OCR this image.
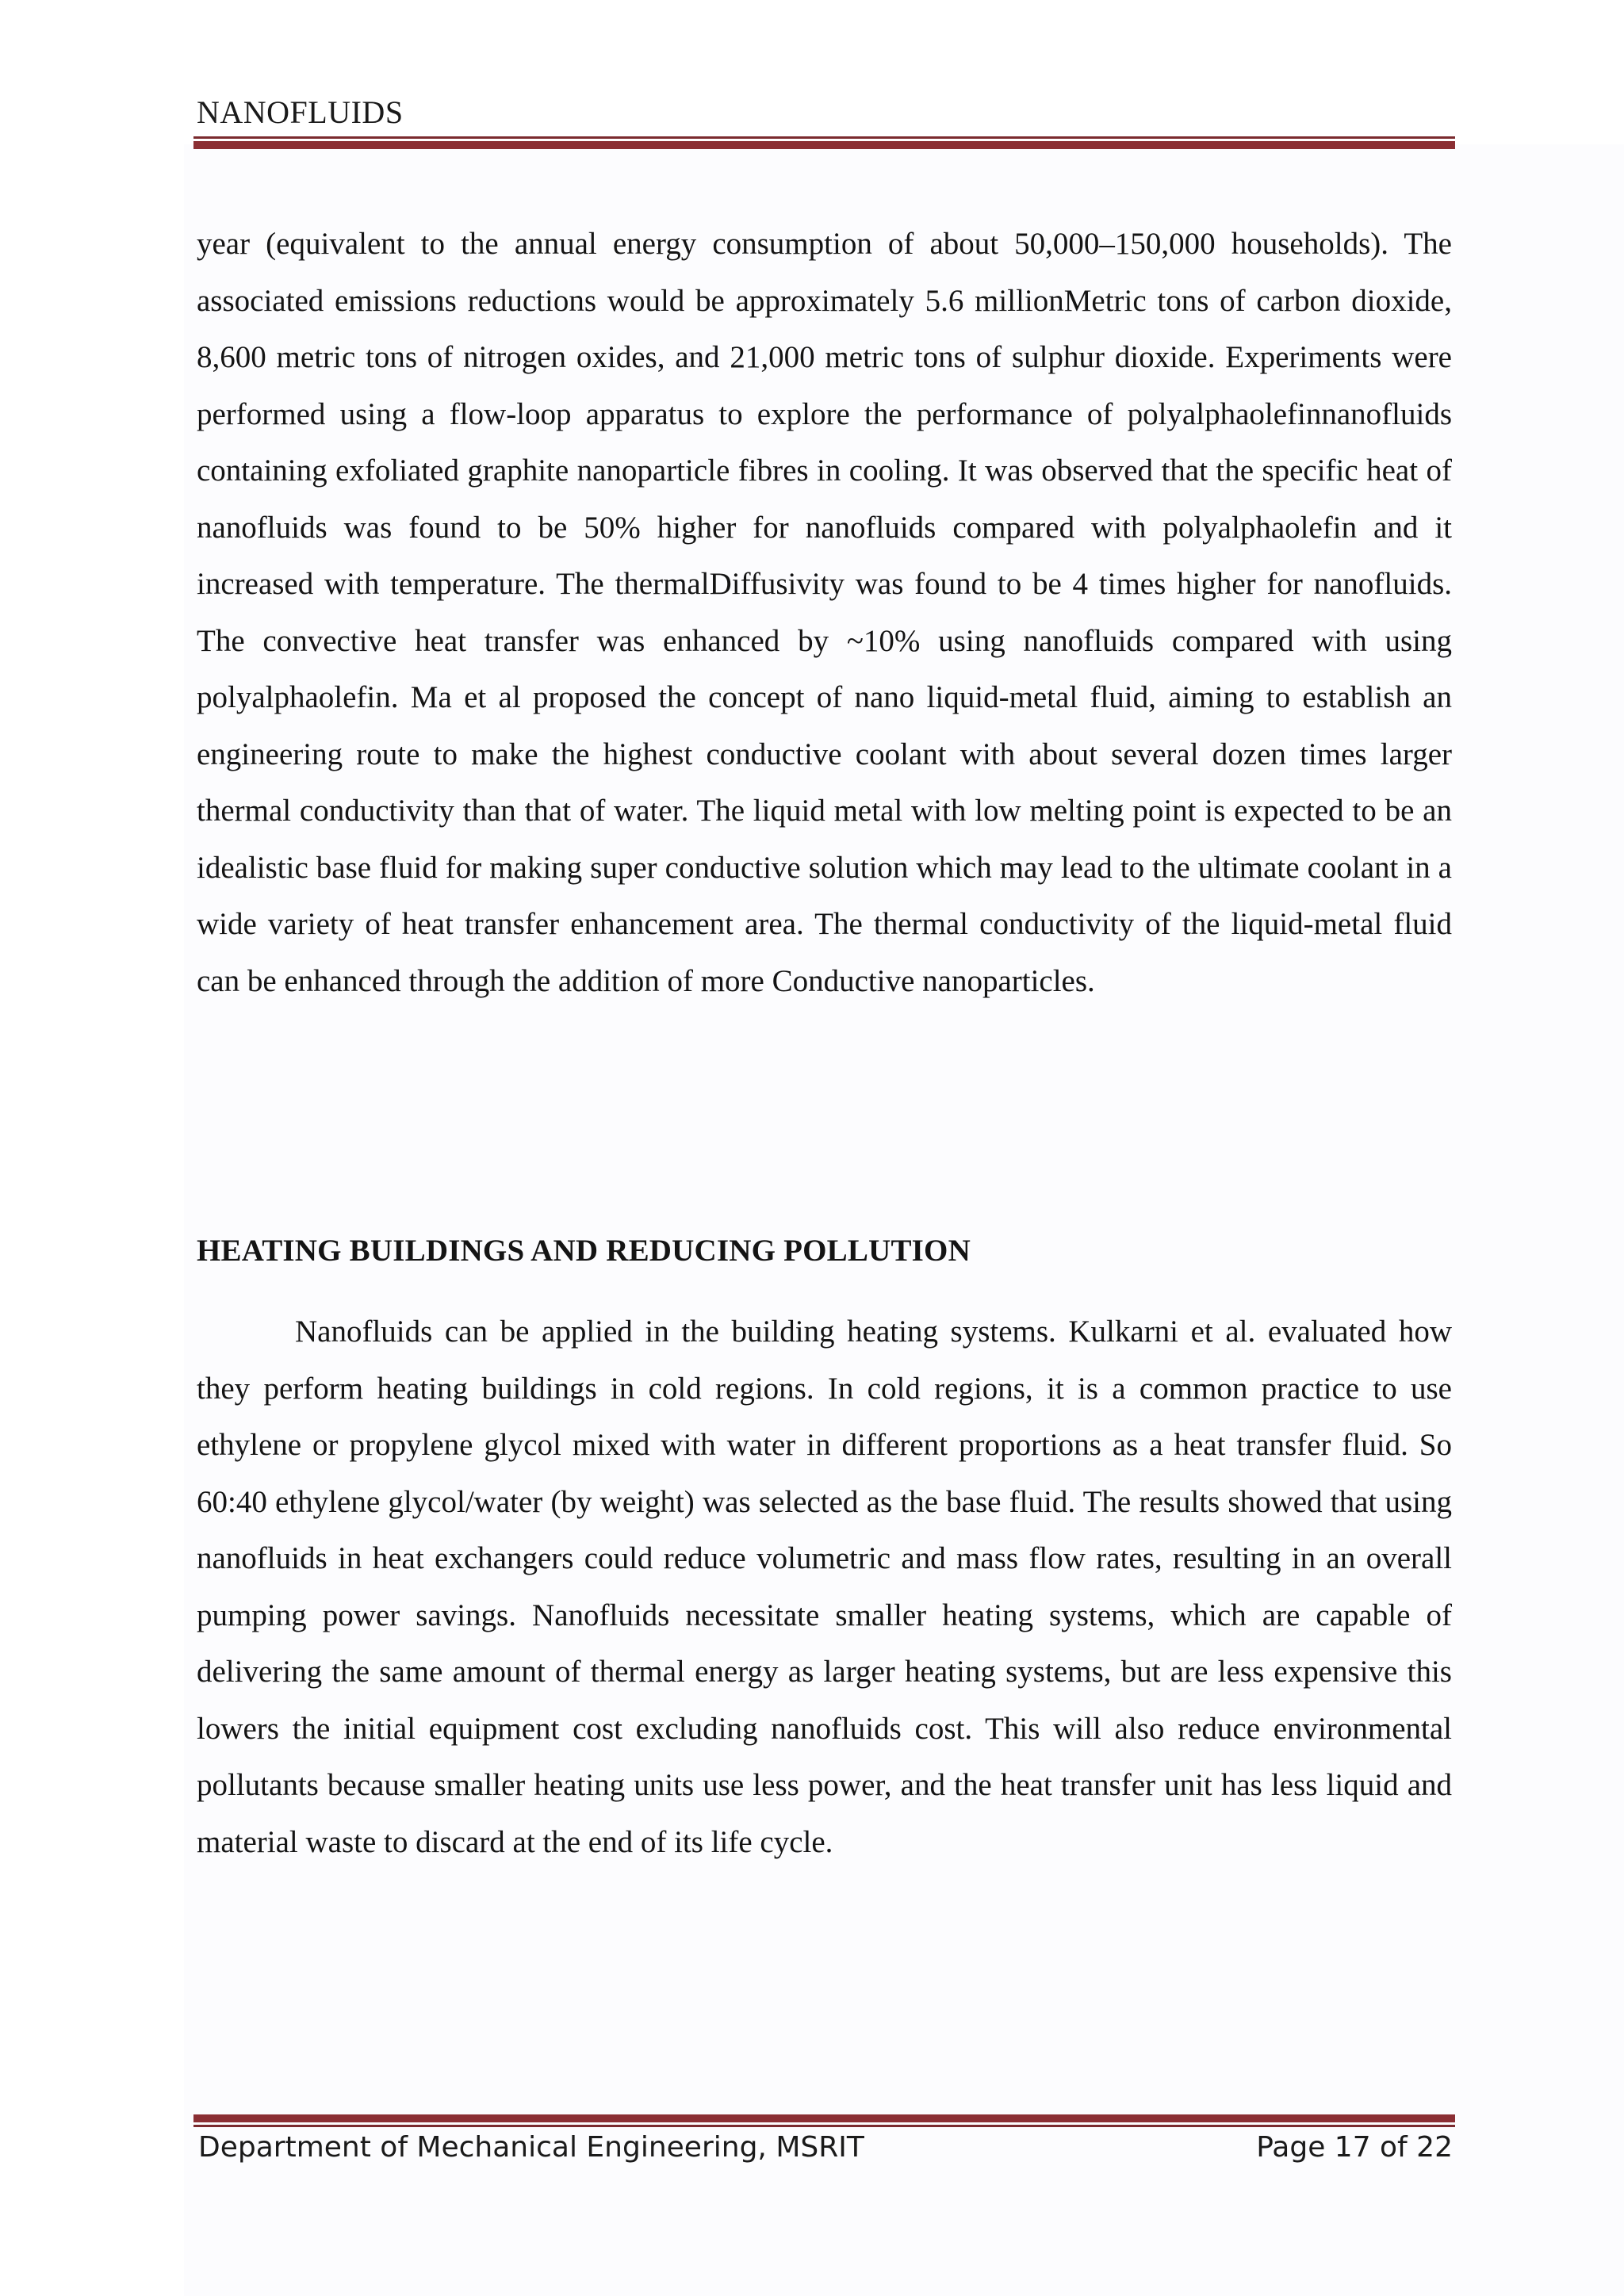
NANOFLUIDS

year (equivalent to the annual energy consumption of about 50,000–150,000 households). The associated emissions reductions would be approximately 5.6 millionMetric tons of carbon dioxide, 8,600 metric tons of nitrogen oxides, and 21,000 metric tons of sulphur dioxide. Experiments were performed using a flow-loop apparatus to explore the performance of polyalphaolefinnanofluids containing exfoliated graphite nanoparticle fibres in cooling. It was observed that the specific heat of nanofluids was found to be 50% higher for nanofluids compared with polyalphaolefin and it increased with temperature. The thermalDiffusivity was found to be 4 times higher for nanofluids. The convective heat transfer was enhanced by ~10% using nanofluids compared with using polyalphaolefin. Ma et al proposed the concept of nano liquid-metal fluid, aiming to establish an engineering route to make the highest conductive coolant with about several dozen times larger thermal conductivity than that of water. The liquid metal with low melting point is expected to be an idealistic base fluid for making super conductive solution which may lead to the ultimate coolant in a wide variety of heat transfer enhancement area. The thermal conductivity of the liquid-metal fluid can be enhanced through the addition of more Conductive nanoparticles.

HEATING BUILDINGS AND REDUCING POLLUTION

Nanofluids can be applied in the building heating systems. Kulkarni et al. evaluated how they perform heating buildings in cold regions. In cold regions, it is a common practice to use ethylene or propylene glycol mixed with water in different proportions as a heat transfer fluid. So 60:40 ethylene glycol/water (by weight) was selected as the base fluid. The results showed that using nanofluids in heat exchangers could reduce volumetric and mass flow rates, resulting in an overall pumping power savings. Nanofluids necessitate smaller heating systems, which are capable of delivering the same amount of thermal energy as larger heating systems, but are less expensive this lowers the initial equipment cost excluding nanofluids cost. This will also reduce environmental pollutants because smaller heating units use less power, and the heat transfer unit has less liquid and material waste to discard at the end of its life cycle.

Department of Mechanical Engineering, MSRIT	Page 17 of 22
